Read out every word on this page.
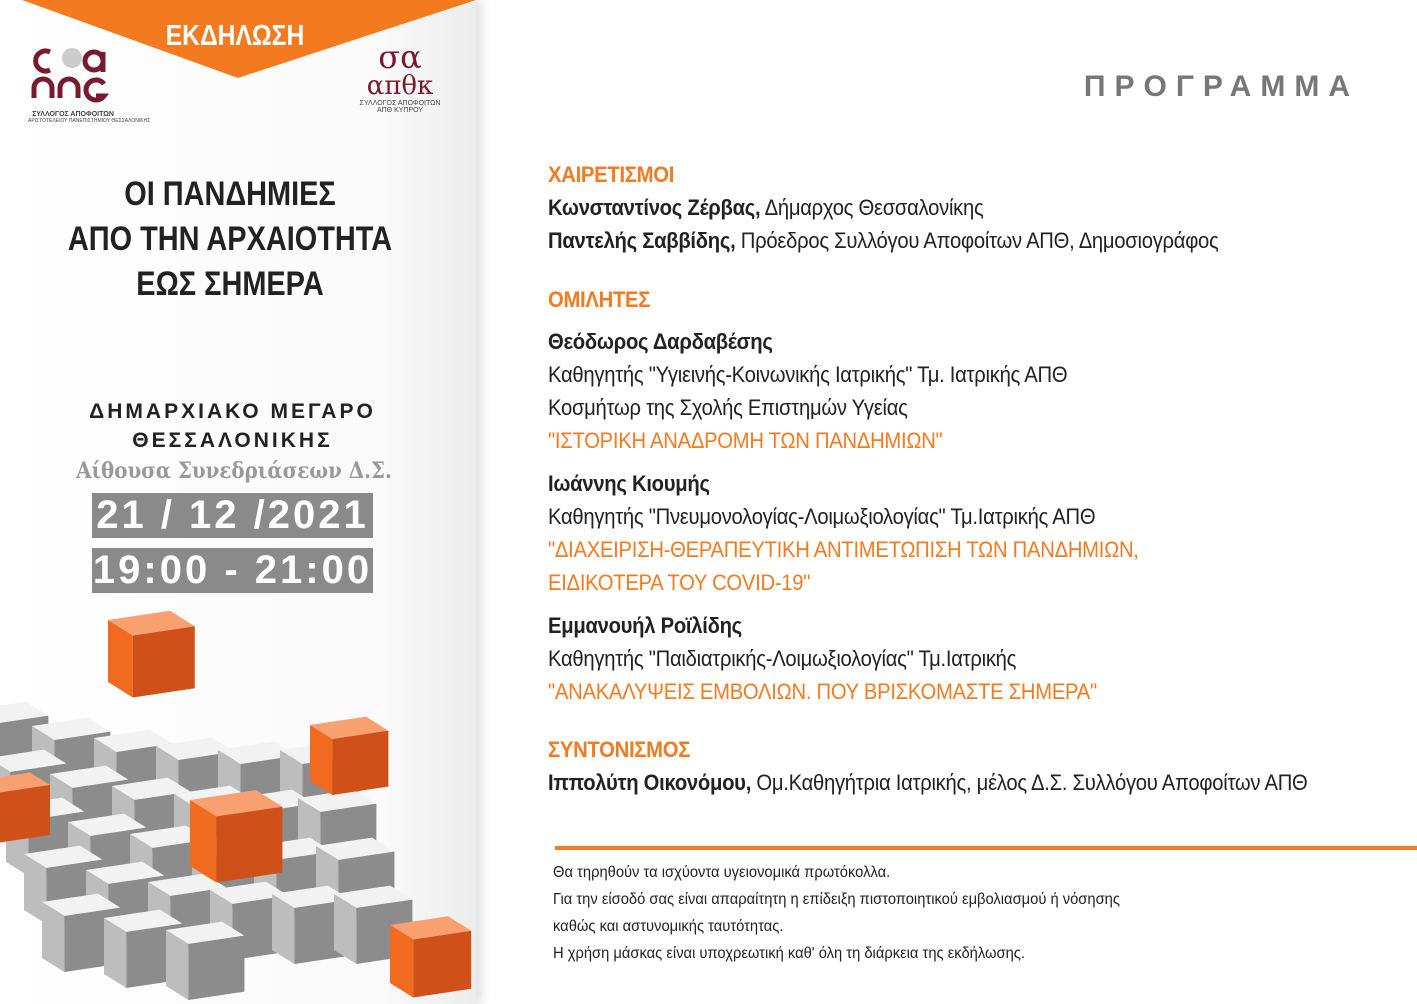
ΕΚΔΗΛΩΣΗ
ΣΥΛΛΟΓΟΣ ΑΠΟΦΟΙΤΩΝ
ΑΡΙΣΤΟΤΕΛΕΙΟΥ ΠΑΝΕΠΙΣΤΗΜΙΟΥ ΘΕΣΣΑΛΟΝΙΚΗΣ
σα
απθκ
ΣΥΛΛΟΓΟΣ ΑΠΟΦΟΙΤΩΝ
ΑΠΘ ΚΥΠΡΟΥ
ΟΙ ΠΑΝΔΗΜΙΕΣ
ΑΠΟ ΤΗΝ ΑΡΧΑΙΟΤΗΤΑ
ΕΩΣ ΣΗΜΕΡΑ
ΔΗΜΑΡΧΙΑΚΟ ΜΕΓΑΡΟ
ΘΕΣΣΑΛΟΝΙΚΗΣ
Αίθουσα Συνεδριάσεων Δ.Σ.
21 / 12 /2021
19:00 - 21:00
ΠΡΟΓΡΑΜΜΑ
ΧΑΙΡΕΤΙΣΜΟΙ
Κωνσταντίνος Ζέρβας, Δήμαρχος Θεσσαλονίκης
Παντελής Σαββίδης, Πρόεδρος Συλλόγου Αποφοίτων ΑΠΘ, Δημοσιογράφος
ΟΜΙΛΗΤΕΣ
Θεόδωρος Δαρδαβέσης
Καθηγητής "Υγιεινής-Κοινωνικής Ιατρικής" Τμ. Ιατρικής ΑΠΘ
Κοσμήτωρ της Σχολής Επιστημών Υγείας
"ΙΣΤΟΡΙΚΗ ΑΝΑΔΡΟΜΗ ΤΩΝ ΠΑΝΔΗΜΙΩΝ"
Ιωάννης Κιουμής
Καθηγητής "Πνευμονολογίας-Λοιμωξιολογίας" Τμ.Ιατρικής ΑΠΘ
"ΔΙΑΧΕΙΡΙΣΗ-ΘΕΡΑΠΕΥΤΙΚΗ ΑΝΤΙΜΕΤΩΠΙΣΗ ΤΩΝ ΠΑΝΔΗΜΙΩΝ,
ΕΙΔΙΚΟΤΕΡΑ ΤΟΥ COVID-19"
Εμμανουήλ Ροϊλίδης
Καθηγητής "Παιδιατρικής-Λοιμωξιολογίας" Τμ.Ιατρικής
"ΑΝΑΚΑΛΥΨΕΙΣ ΕΜΒΟΛΙΩΝ. ΠΟΥ ΒΡΙΣΚΟΜΑΣΤΕ ΣΗΜΕΡΑ"
ΣΥΝΤΟΝΙΣΜΟΣ
Ιππολύτη Οικονόμου, Ομ.Καθηγήτρια Ιατρικής, μέλος Δ.Σ. Συλλόγου Αποφοίτων ΑΠΘ
Θα τηρηθούν τα ισχύοντα υγειονομικά πρωτόκολλα.
Για την είσοδό σας είναι απαραίτητη η επίδειξη πιστοποιητικού εμβολιασμού ή νόσησης
καθώς και αστυνομικής ταυτότητας.
Η χρήση μάσκας είναι υποχρεωτική καθ' όλη τη διάρκεια της εκδήλωσης.
